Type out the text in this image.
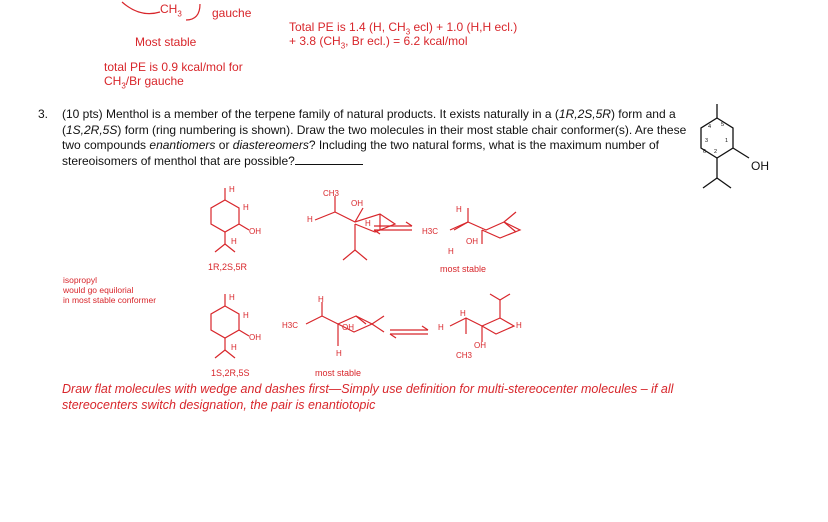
$CH_3$	gauche
Most stable
Total PE is 1.4 (H, $CH_3$ ecl) + 1.0 (H,H ecl.)
+ 3.8 ($CH_3$, Br ecl.) = 6.2 kcal/mol
total PE is 0.9 kcal/mol for
$CH_3/Br$ gauche
3. (10 pts) Menthol is a member of the terpene family of natural products. It exists naturally in a (1R,2S,5R) form and a (1S,2R,5S) form (ring numbering is shown). Draw the two molecules in their most stable chair conformer(s). Are these two compounds enantiomers or diastereomers? Including the two natural forms, what is the maximum number of stereoisomers of menthol that are possible?
4 5
3	1
2
6
OH
H
H
OH
H
CH3
OH
H	H ⇌ H3C
H
OH
H
1R,2S,5R	most stable
isopropyl
would go equilorial
in most stable conformer	H
H
OH
H
H3C
H
OH
H
⇌ H
H
H
OH
CH3
1S,2R,5S	most stable
Draw flat molecules with wedge and dashes first—Simply use definition for multi-stereocenter molecules – if all stereocenters switch designation, the pair is enantiotopic
